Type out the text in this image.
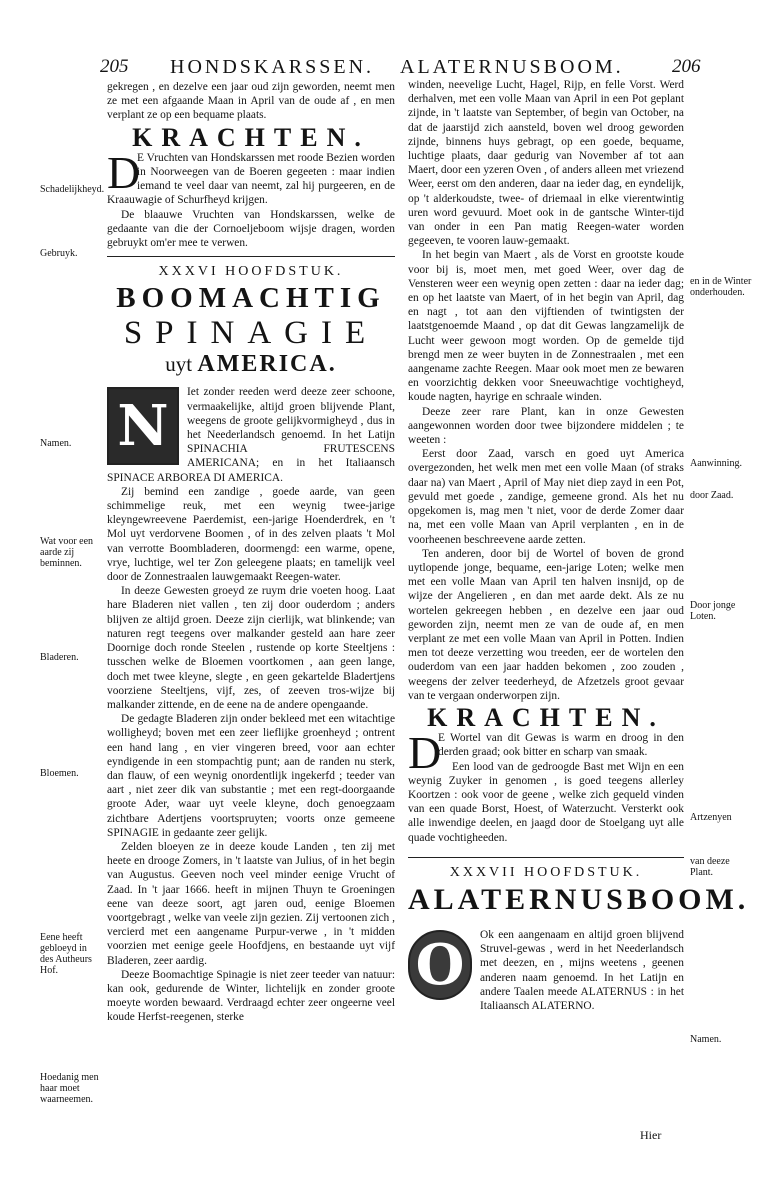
205 HONDSKARSSEN. ALATERNUSBOOM.	206

gekregen , en dezelve een jaar oud zijn geworden, neemt men ze met een afgaande Maan in April van de oude af , en men verplant ze op een bequame plaats.

KRACHTEN.
D

E Vruchten van Hondskarssen met roode Bezien worden in Noorweegen van de Boeren gegeeten : maar indien iemand te veel daar van neemt, zal hij purgeeren, en de Kraauwagie of Schurfheyd krijgen.

De blaauwe Vruchten van Hondskarssen, welke de gedaante van die der Cornoeljeboom wijsje dragen, worden gebruykt om'er mee te verwen.

XXXVI HOOFDSTUK.
BOOMACHTIG
SPINAGIE
uyt AMERICA.
N

Iet zonder reeden werd deeze zeer schoone, vermaakelijke, altijd groen blijvende Plant, weegens de groote gelijkvormigheyd , dus in het Neederlandsch genoemd. In het Latijn SPINACHIA FRUTESCENS AMERICANA; en in het Italiaansch SPINACE ARBOREA DI AMERICA.

Zij bemind een zandige , goede aarde, van geen schimmelige reuk, met een weynig twee-jarige kleyngewreevene Paerdemist, een-jarige Hoenderdrek, en 't Mol uyt verdorvene Boomen , of in des zelven plaats 't Mol van verrotte Boombladeren, doormengd: een warme, opene, vrye, luchtige, wel ter Zon geleegene plaats; en tamelijk veel door de Zonnestraalen lauwgemaakt Reegen-water.

In deeze Gewesten groeyd ze ruym drie voeten hoog. Laat hare Bladeren niet vallen , ten zij door ouderdom ; anders blijven ze altijd groen. Deeze zijn cierlijk, wat blinkende; van naturen regt teegens over malkander gesteld aan hare zeer Doornige doch ronde Steelen , rustende op korte Steeltjens : tusschen welke de Bloemen voortkomen , aan geen lange, doch met twee kleyne, slegte , en geen gekartelde Bladertjens voorziene Steeltjens, vijf, zes, of zeeven tros-wijze bij malkander zittende, en de eene na de andere opengaande.

De gedagte Bladeren zijn onder bekleed met een witachtige wolligheyd; boven met een zeer lieflijke groenheyd ; ontrent een hand lang , en vier vingeren breed, voor aan echter eyndigende in een stompachtig punt; aan de randen nu sterk, dan flauw, of een weynig onordentlijk ingekerfd ; teeder van aart , niet zeer dik van substantie ; met een regt-doorgaande groote Ader, waar uyt veele kleyne, doch genoegzaam zichtbare Adertjens voortspruyten; voorts onze gemeene SPINAGIE in gedaante zeer gelijk.

Zelden bloeyen ze in deeze koude Landen , ten zij met heete en drooge Zomers, in 't laatste van Julius, of in het begin van Augustus. Geeven noch veel minder eenige Vrucht of Zaad. In 't jaar 1666. heeft in mijnen Thuyn te Groeningen eene van deeze soort, agt jaren oud, eenige Bloemen voortgebragt , welke van veele zijn gezien. Zij vertoonen zich , vercierd met een aangename Purpur-verwe , in 't midden voorzien met eenige geele Hoofdjens, en bestaande uyt vijf Bladeren, zeer aardig.

Deeze Boomachtige Spinagie is niet zeer teeder van natuur: kan ook, gedurende de Winter, lichtelijk en zonder groote moeyte worden bewaard. Verdraagd echter zeer ongeerne veel koude Herfst-reegenen, sterke

winden, neevelige Lucht, Hagel, Rijp, en felle Vorst. Werd derhalven, met een volle Maan van April in een Pot geplant zijnde, in 't laatste van September, of begin van October, na dat de jaarstijd zich aansteld, boven wel droog geworden zijnde, binnens huys gebragt, op een goede, bequame, luchtige plaats, daar gedurig van November af tot aan Maert, door een yzeren Oven , of anders alleen met vriezend Weer, eerst om den anderen, daar na ieder dag, en eyndelijk, op 't alderkoudste, twee- of driemaal in elke vierentwintig uren word gevuurd. Moet ook in de gantsche Winter-tijd van onder in een Pan matig Reegen-water worden gegeeven, te vooren lauw-gemaakt.

In het begin van Maert , als de Vorst en grootste koude voor bij is, moet men, met goed Weer, over dag de Vensteren weer een weynig open zetten : daar na ieder dag; en op het laatste van Maert, of in het begin van April, dag en nagt , tot aan den vijftienden of twintigsten der laatstgenoemde Maand , op dat dit Gewas langzamelijk de Lucht weer gewoon mogt worden. Op de gemelde tijd brengd men ze weer buyten in de Zonnestraalen , met een aangename zachte Reegen. Maar ook moet men ze bewaren en voorzichtig dekken voor Sneeuwachtige vochtigheyd, koude nagten, hayrige en schraale winden.

Deeze zeer rare Plant, kan in onze Gewesten aangewonnen worden door twee bijzondere middelen ; te weeten :

Eerst door Zaad, varsch en goed uyt America overgezonden, het welk men met een volle Maan (of straks daar na) van Maert , April of May niet diep zayd in een Pot, gevuld met goede , zandige, gemeene grond. Als het nu opgekomen is, mag men 't niet, voor de derde Zomer daar na, met een volle Maan van April verplanten , en in de voorheenen beschreevene aarde zetten.

Ten anderen, door bij de Wortel of boven de grond uytlopende jonge, bequame, een-jarige Loten; welke men met een volle Maan van April ten halven insnijd, op de wijze der Angelieren , en dan met aarde dekt. Als ze nu wortelen gekreegen hebben , en dezelve een jaar oud geworden zijn, neemt men ze van de oude af, en men verplant ze met een volle Maan van April in Potten. Indien men tot deeze verzetting wou treeden, eer de wortelen den ouderdom van een jaar hadden bekomen , zoo zouden , weegens der zelver teederheyd, de Afzetzels groot gevaar van te vergaan onderworpen zijn.

KRACHTEN.
D

E Wortel van dit Gewas is warm en droog in den derden graad; ook bitter en scharp van smaak.

Een lood van de gedroogde Bast met Wijn en een weynig Zuyker in genomen , is goed teegens allerley Koortzen : ook voor de geene , welke zich gequeld vinden van een quade Borst, Hoest, of Waterzucht. Versterkt ook alle inwendige deelen, en jaagd door de Stoelgang uyt alle quade vochtigheeden.

XXXVII HOOFDSTUK.
ALATERNUSBOOM.
O	Ok een aangenaam en altijd groen blijvend Struvel-gewas , werd in het Neederlandsch met deezen, en , mijns weetens , geenen anderen naam genoemd. In het Latijn en andere Taalen meede ALATERNUS : in het Italiaansch ALATERNO.

Schadelijkheyd.
Gebruyk.
Namen.
Wat voor een aarde zij beminnen.
Bladeren.
Bloemen.
Eene heeft gebloeyd in des Autheurs Hof.
Hoedanig men haar moet waarneemen.
en in de Winter onderhouden.
Aanwinning.
door Zaad.
Door jonge Loten.
Artzenyen
van deeze Plant.
Namen.
Hier
